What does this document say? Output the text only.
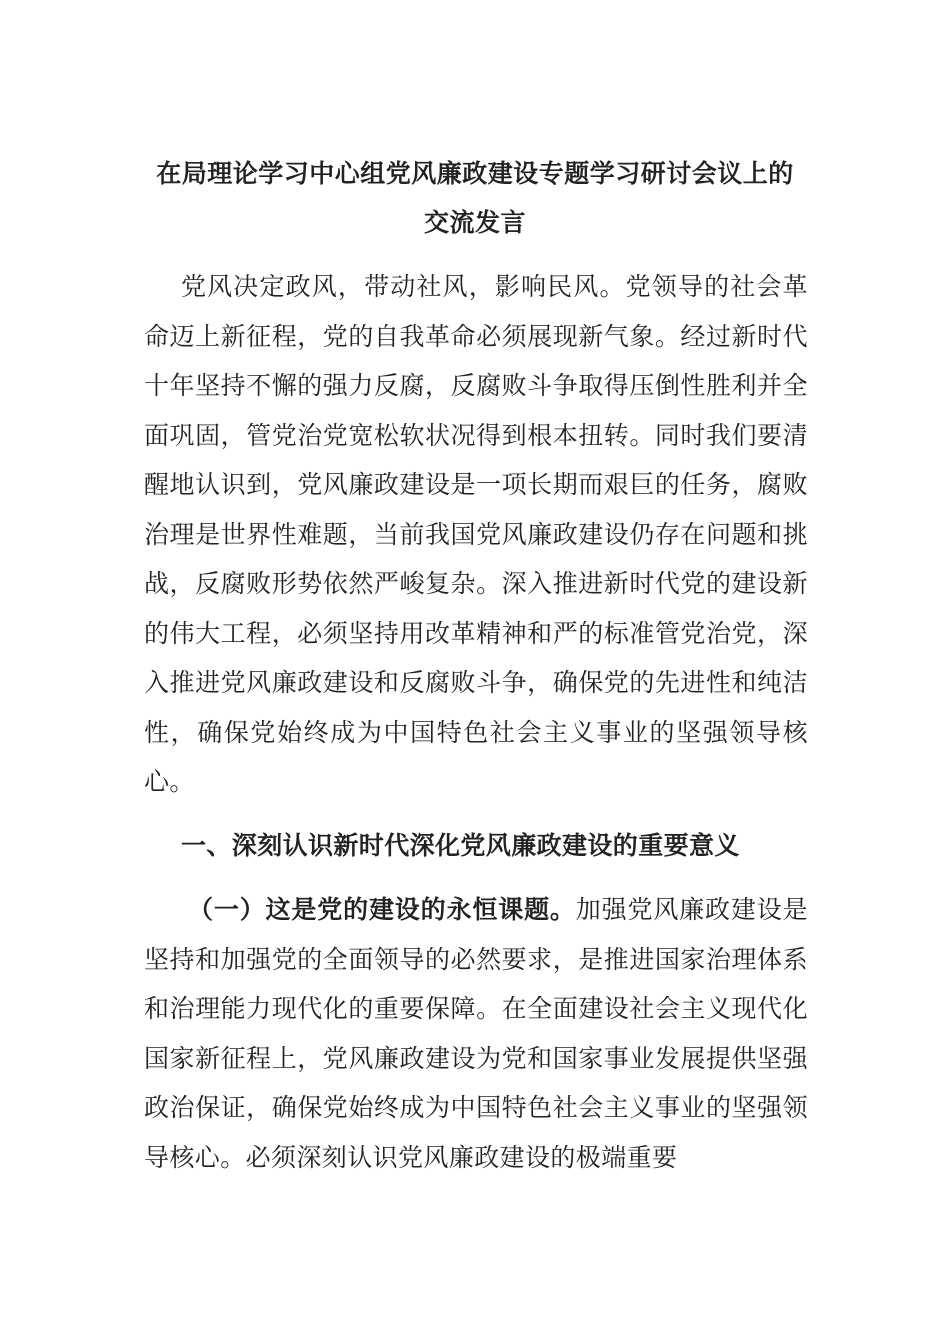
在局理论学习中心组党风廉政建设专题学习研讨会议上的
交流发言

党风决定政风，带动社风，影响民风。党领导的社会革命迈上新征程，党的自我革命必须展现新气象。经过新时代十年坚持不懈的强力反腐，反腐败斗争取得压倒性胜利并全面巩固，管党治党宽松软状况得到根本扭转。同时我们要清醒地认识到，党风廉政建设是一项长期而艰巨的任务，腐败治理是世界性难题，当前我国党风廉政建设仍存在问题和挑战，反腐败形势依然严峻复杂。深入推进新时代党的建设新的伟大工程，必须坚持用改革精神和严的标准管党治党，深入推进党风廉政建设和反腐败斗争，确保党的先进性和纯洁性，确保党始终成为中国特色社会主义事业的坚强领导核心。

一、深刻认识新时代深化党风廉政建设的重要意义

（一）这是党的建设的永恒课题。加强党风廉政建设是坚持和加强党的全面领导的必然要求，是推进国家治理体系和治理能力现代化的重要保障。在全面建设社会主义现代化国家新征程上，党风廉政建设为党和国家事业发展提供坚强政治保证，确保党始终成为中国特色社会主义事业的坚强领导核心。必须深刻认识党风廉政建设的极端重要
